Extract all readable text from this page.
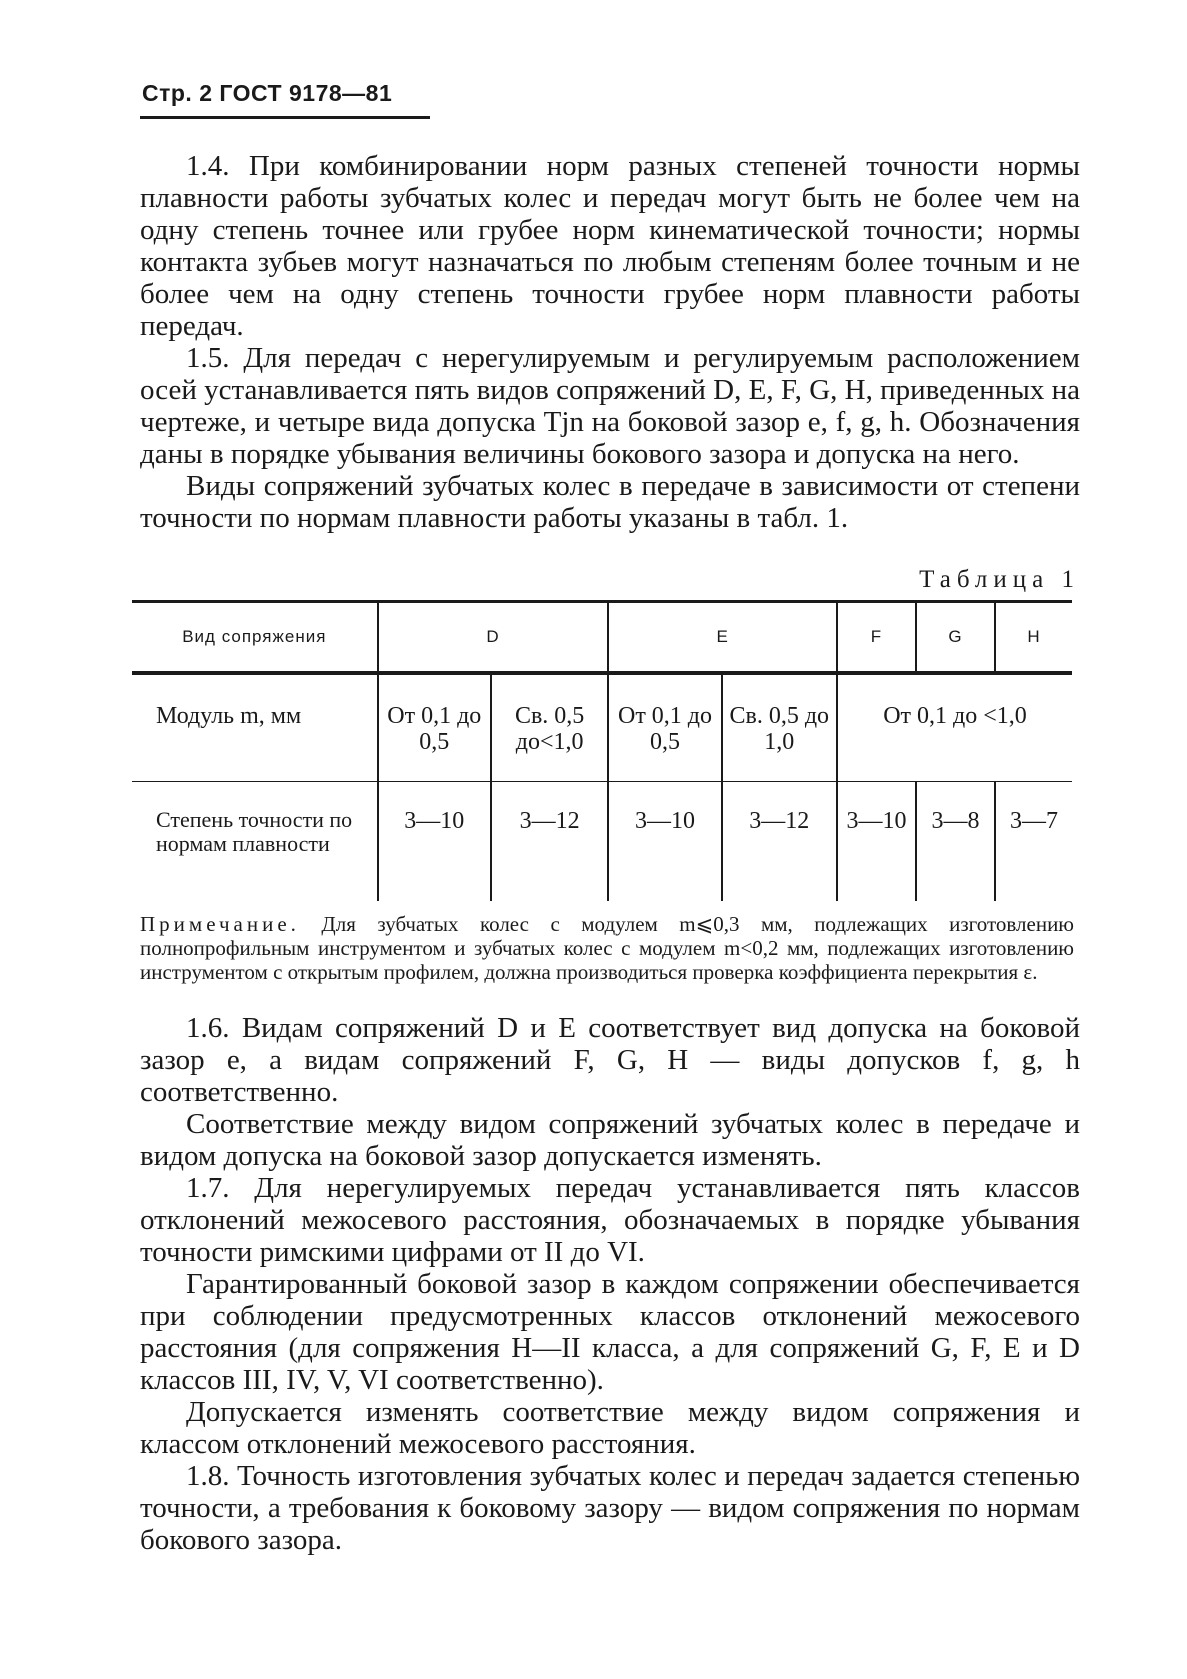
Стр. 2 ГОСТ 9178—81

1.4. При комбинировании норм разных степеней точности нормы плавности работы зубчатых колес и передач могут быть не более чем на одну степень точнее или грубее норм кинематической точности; нормы контакта зубьев могут назначаться по любым степеням более точным и не более чем на одну степень точности грубее норм плавности работы передач.

1.5. Для передач с нерегулируемым и регулируемым расположением осей устанавливается пять видов сопряжений D, E, F, G, H, приведенных на чертеже, и четыре вида допуска Tjn на боковой зазор e, f, g, h. Обозначения даны в порядке убывания величины бокового зазора и допуска на него.

Виды сопряжений зубчатых колес в передаче в зависимости от степени точности по нормам плавности работы указаны в табл. 1.

Таблица 1
Вид сопряжения	D		E		F	G	H
Модуль m, мм	От 0,1 до 0,5	Св. 0,5 до<1,0	От 0,1 до 0,5	Св. 0,5 до 1,0	От 0,1 до <1,0		
Степень точности по нормам плавности	3—10	3—12	3—10	3—12	3—10	3—8	3—7
Примечание. Для зубчатых колес с модулем m⩽0,3 мм, подлежащих изготовлению полнопрофильным инструментом и зубчатых колес с модулем m<0,2 мм, подлежащих изготовлению инструментом с открытым профилем, должна производиться проверка коэффициента перекрытия ε.

1.6. Видам сопряжений D и E соответствует вид допуска на боковой зазор e, а видам сопряжений F, G, H — виды допусков f, g, h соответственно.

Соответствие между видом сопряжений зубчатых колес в передаче и видом допуска на боковой зазор допускается изменять.

1.7. Для нерегулируемых передач устанавливается пять классов отклонений межосевого расстояния, обозначаемых в порядке убывания точности римскими цифрами от II до VI.

Гарантированный боковой зазор в каждом сопряжении обеспечивается при соблюдении предусмотренных классов отклонений межосевого расстояния (для сопряжения H—II класса, а для сопряжений G, F, E и D классов III, IV, V, VI соответственно).

Допускается изменять соответствие между видом сопряжения и классом отклонений межосевого расстояния.

1.8. Точность изготовления зубчатых колес и передач задается степенью точности, а требования к боковому зазору — видом сопряжения по нормам бокового зазора.
